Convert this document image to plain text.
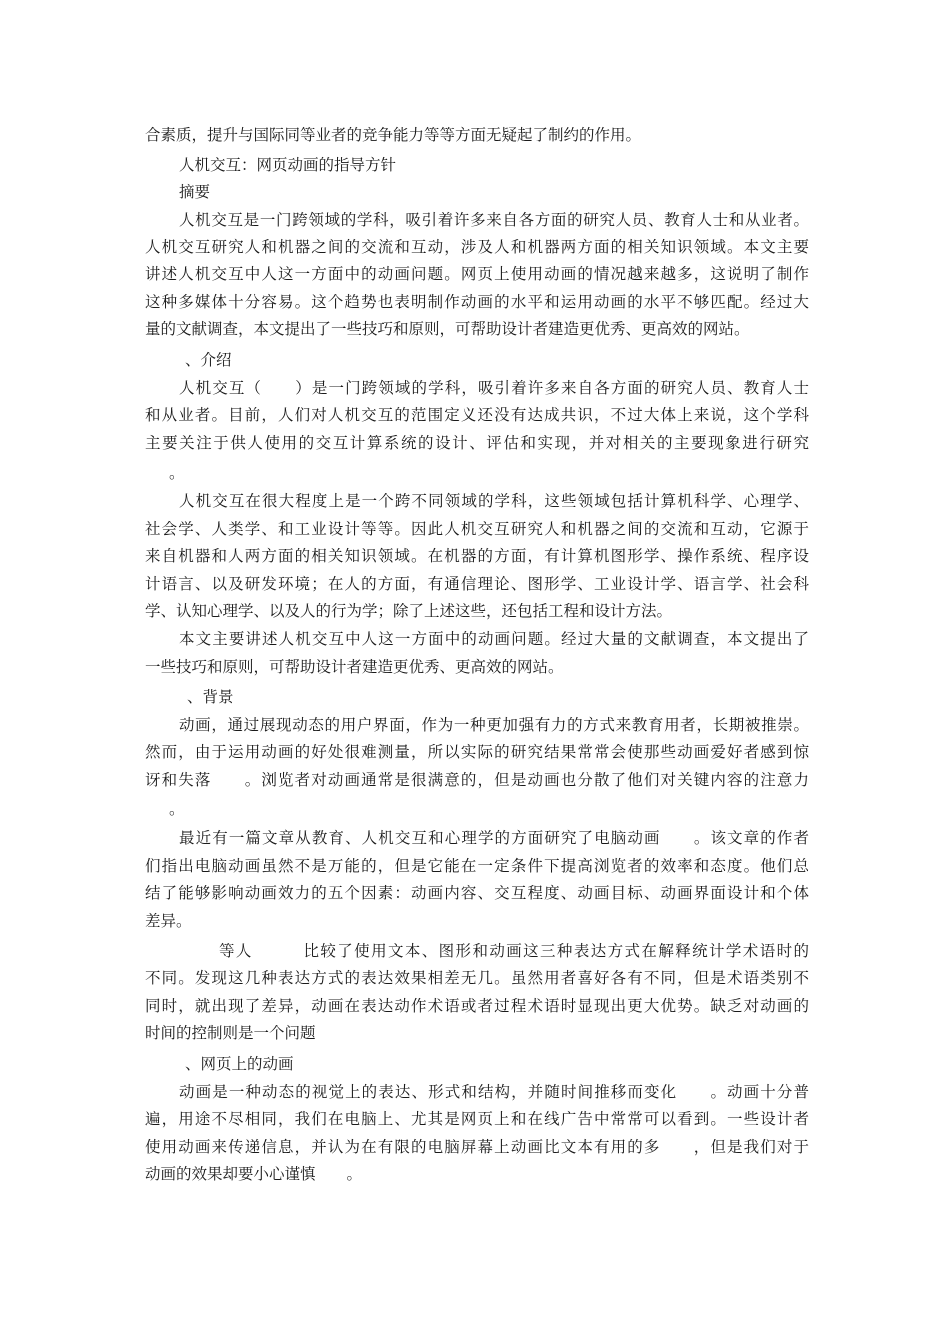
合素质，提升与国际同等业者的竞争能力等等方面无疑起了制约的作用。
人机交互：网页动画的指导方针
摘要
人机交互是一门跨领域的学科，吸引着许多来自各方面的研究人员、教育人士和从业者。
人机交互研究人和机器之间的交流和互动，涉及人和机器两方面的相关知识领域。本文主要
讲述人机交互中人这一方面中的动画问题。网页上使用动画的情况越来越多，这说明了制作
这种多媒体十分容易。这个趋势也表明制作动画的水平和运用动画的水平不够匹配。经过大
量的文献调查，本文提出了一些技巧和原则，可帮助设计者建造更优秀、更高效的网站。
、介绍
人机交互（　　）是一门跨领域的学科，吸引着许多来自各方面的研究人员、教育人士
和从业者。目前，人们对人机交互的范围定义还没有达成共识，不过大体上来说，这个学科
主要关注于供人使用的交互计算系统的设计、评估和实现，并对相关的主要现象进行研究
。
人机交互在很大程度上是一个跨不同领域的学科，这些领域包括计算机科学、心理学、
社会学、人类学、和工业设计等等。因此人机交互研究人和机器之间的交流和互动，它源于
来自机器和人两方面的相关知识领域。在机器的方面，有计算机图形学、操作系统、程序设
计语言、以及研发环境；在人的方面，有通信理论、图形学、工业设计学、语言学、社会科
学、认知心理学、以及人的行为学；除了上述这些，还包括工程和设计方法。
本文主要讲述人机交互中人这一方面中的动画问题。经过大量的文献调查，本文提出了
一些技巧和原则，可帮助设计者建造更优秀、更高效的网站。
、背景
动画，通过展现动态的用户界面，作为一种更加强有力的方式来教育用者，长期被推崇。
然而，由于运用动画的好处很难测量，所以实际的研究结果常常会使那些动画爱好者感到惊
讶和失落　　。浏览者对动画通常是很满意的，但是动画也分散了他们对关键内容的注意力
。
最近有一篇文章从教育、人机交互和心理学的方面研究了电脑动画　　。该文章的作者
们指出电脑动画虽然不是万能的，但是它能在一定条件下提高浏览者的效率和态度。他们总
结了能够影响动画效力的五个因素：动画内容、交互程度、动画目标、动画界面设计和个体
差异。
等人　　　比较了使用文本、图形和动画这三种表达方式在解释统计学术语时的
不同。发现这几种表达方式的表达效果相差无几。虽然用者喜好各有不同，但是术语类别不
同时，就出现了差异，动画在表达动作术语或者过程术语时显现出更大优势。缺乏对动画的
时间的控制则是一个问题
、网页上的动画
动画是一种动态的视觉上的表达、形式和结构，并随时间推移而变化　　。动画十分普
遍，用途不尽相同，我们在电脑上、尤其是网页上和在线广告中常常可以看到。一些设计者
使用动画来传递信息，并认为在有限的电脑屏幕上动画比文本有用的多　　，但是我们对于
动画的效果却要小心谨慎　　。
